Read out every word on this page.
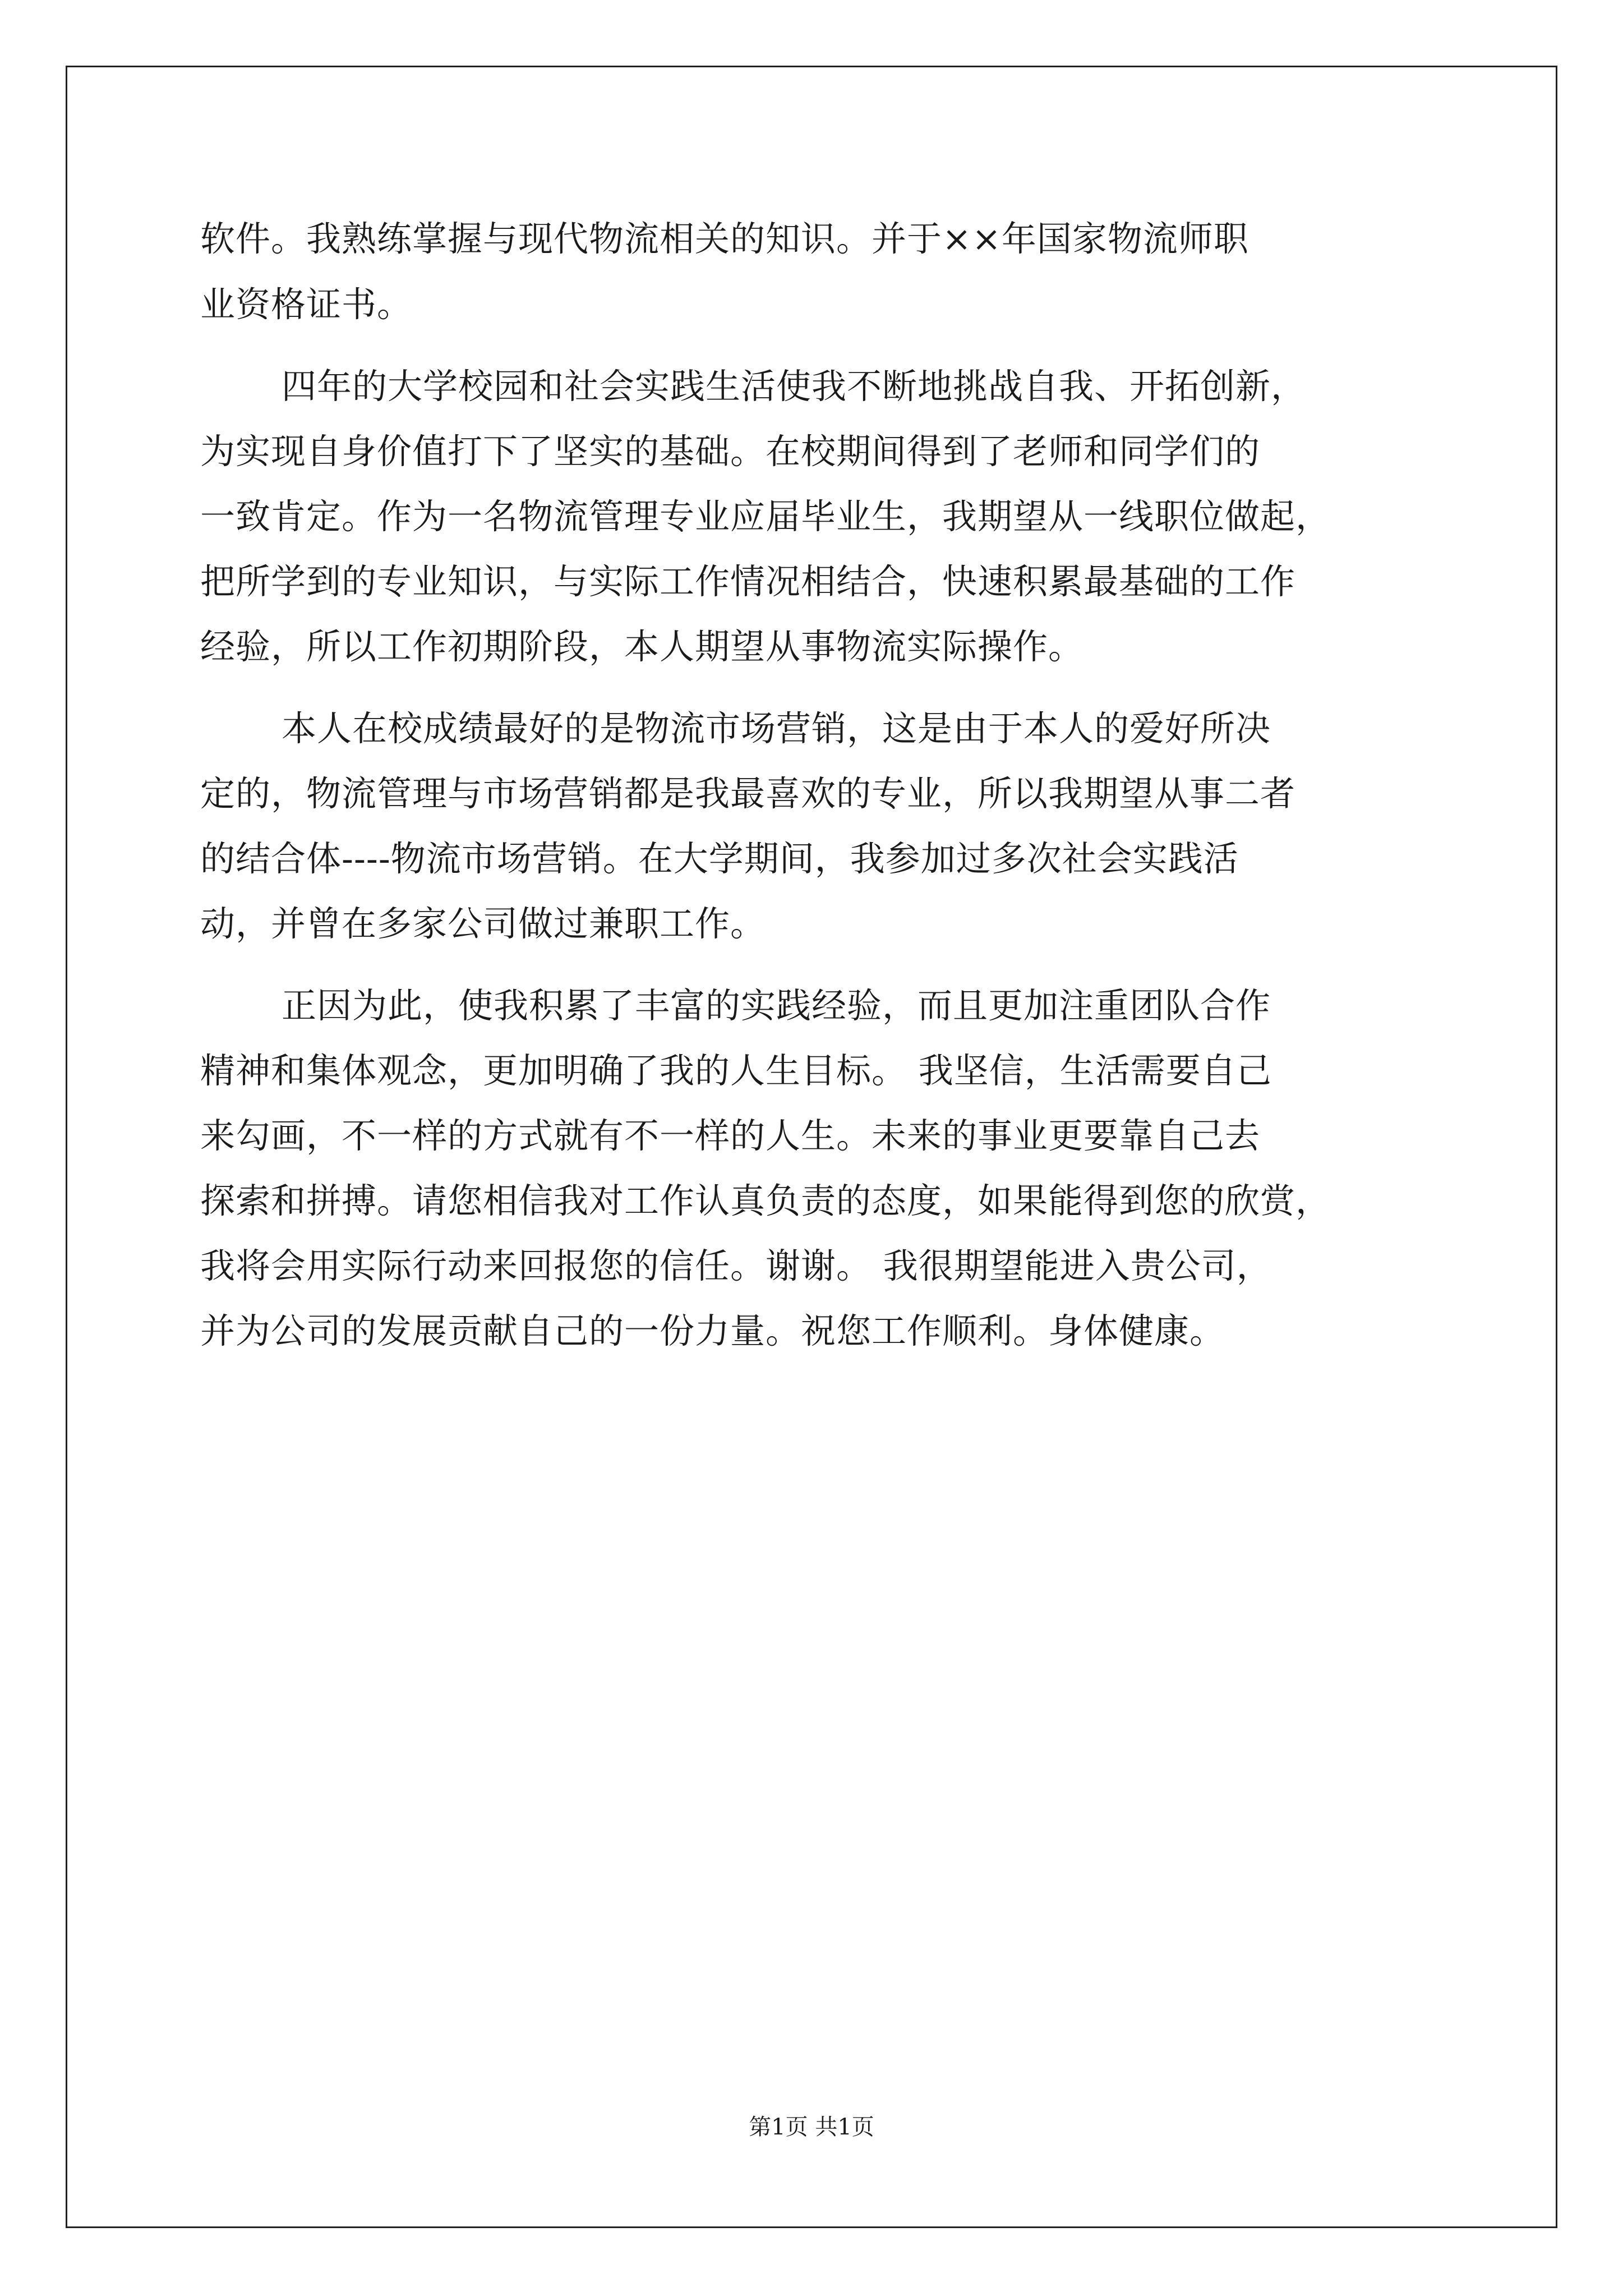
软件。我熟练掌握与现代物流相关的知识。并于××年国家物流师职
业资格证书。
四年的大学校园和社会实践生活使我不断地挑战自我、开拓创新，
为实现自身价值打下了坚实的基础。在校期间得到了老师和同学们的
一致肯定。作为一名物流管理专业应届毕业生，我期望从一线职位做起，
把所学到的专业知识，与实际工作情况相结合，快速积累最基础的工作
经验，所以工作初期阶段，本人期望从事物流实际操作。
本人在校成绩最好的是物流市场营销，这是由于本人的爱好所决
定的，物流管理与市场营销都是我最喜欢的专业，所以我期望从事二者
的结合体----物流市场营销。在大学期间，我参加过多次社会实践活
动，并曾在多家公司做过兼职工作。
正因为此，使我积累了丰富的实践经验，而且更加注重团队合作
精神和集体观念，更加明确了我的人生目标。 我坚信，生活需要自己
来勾画，不一样的方式就有不一样的人生。未来的事业更要靠自己去
探索和拼搏。请您相信我对工作认真负责的态度，如果能得到您的欣赏，
我将会用实际行动来回报您的信任。谢谢。 我很期望能进入贵公司，
并为公司的发展贡献自己的一份力量。祝您工作顺利。身体健康。
第1页 共1页
